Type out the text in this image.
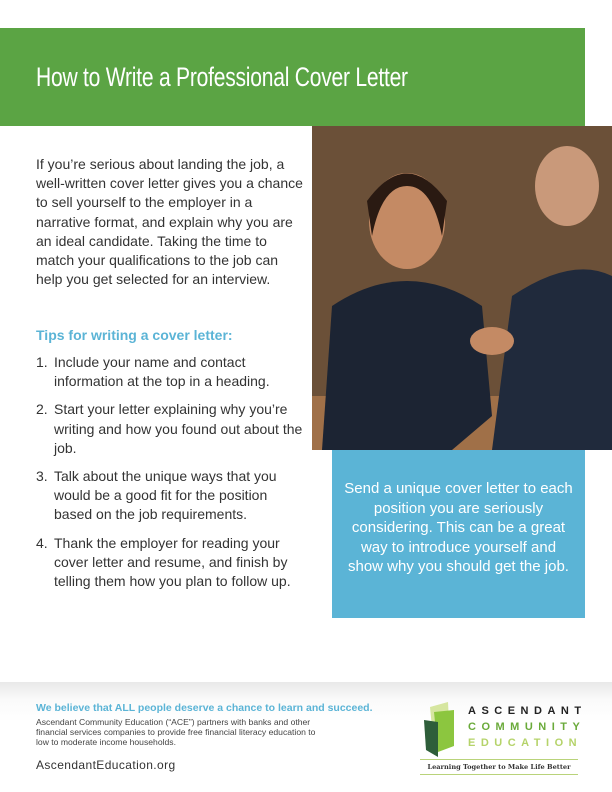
How to Write a Professional Cover Letter
If you’re serious about landing the job, a well-written cover letter gives you a chance to sell yourself to the employer in a narrative format, and explain why you are an ideal candidate. Taking the time to match your qualifications to the job can help you get selected for an interview.
Tips for writing a cover letter:
1. Include your name and contact information at the top in a heading.
2. Start your letter explaining why you’re writing and how you found out about the job.
3. Talk about the unique ways that you would be a good fit for the position based on the job requirements.
4. Thank the employer for reading your cover letter and resume, and finish by telling them how you plan to follow up.
Send a unique cover letter to each position you are seriously considering. This can be a great way to introduce yourself and show why you should get the job.
We believe that ALL people deserve a chance to learn and succeed.
Ascendant Community Education (“ACE”) partners with banks and other financial services companies to provide free financial literacy education to low to moderate income households.
AscendantEducation.org
ASCENDANT
COMMUNITY
EDUCATION
Learning Together to Make Life Better
